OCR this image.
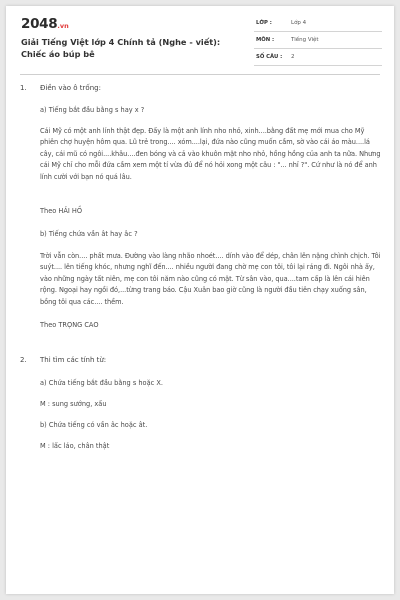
2048.vn
Giải Tiếng Việt lớp 4 Chính tả (Nghe - viết): Chiếc áo búp bê
LỚP :	Lớp 4
MÔN :	Tiếng Việt
SỐ CÂU : 2
1. Điền vào ô trống:
a) Tiếng bắt đầu bằng s hay x ?
Cái Mỹ có một anh lính thật đẹp. Đấy là một anh lính nho nhỏ, xinh....bằng đất mẹ mới mua cho Mỹ phiên chợ huyện hôm qua. Lũ trẻ trong.... xóm....lại, đứa nào cũng muốn cầm, sờ vào cái áo màu....lá cây, cái mũ có ngôi....khâu....đen bóng và cả vào khuôn mặt nho nhỏ, hồng hồng của anh ta nữa. Nhưng cái Mỹ chỉ cho mỗi đứa cầm xem một tí vừa đủ để nó hỏi xong một câu : "... nhỉ ?". Cứ như là nó để anh lính cười với bạn nó quá lâu.
Theo HẢI HỒ
b) Tiếng chứa vần ât hay âc ?
Trời vẫn còn.... phất mưa. Đường vào làng nhão nhoét.... dính vào để dép, chân lên nặng chình chịch. Tôi suýt.... lên tiếng khóc, nhưng nghĩ đến.... nhiều người đang chờ mẹ con tôi, tôi lại ráng đi. Ngôi nhà ấy, vào những ngày tất niên, mẹ con tôi năm nào cũng có mặt. Từ sân vào, qua....tam cấp là lên cái hiên rộng. Ngoại hay ngồi đó,...từng trang báo. Cậu Xuân bao giờ cũng là người đầu tiên chạy xuống sân, bồng tôi qua các.... thềm.
Theo TRỌNG CAO
2. Thi tìm các tính từ:
a) Chứa tiếng bắt đầu bằng s hoặc X.
M : sung sướng, xấu
b) Chứa tiếng có vần âc hoặc ât.
M : lấc láo, chân thật
